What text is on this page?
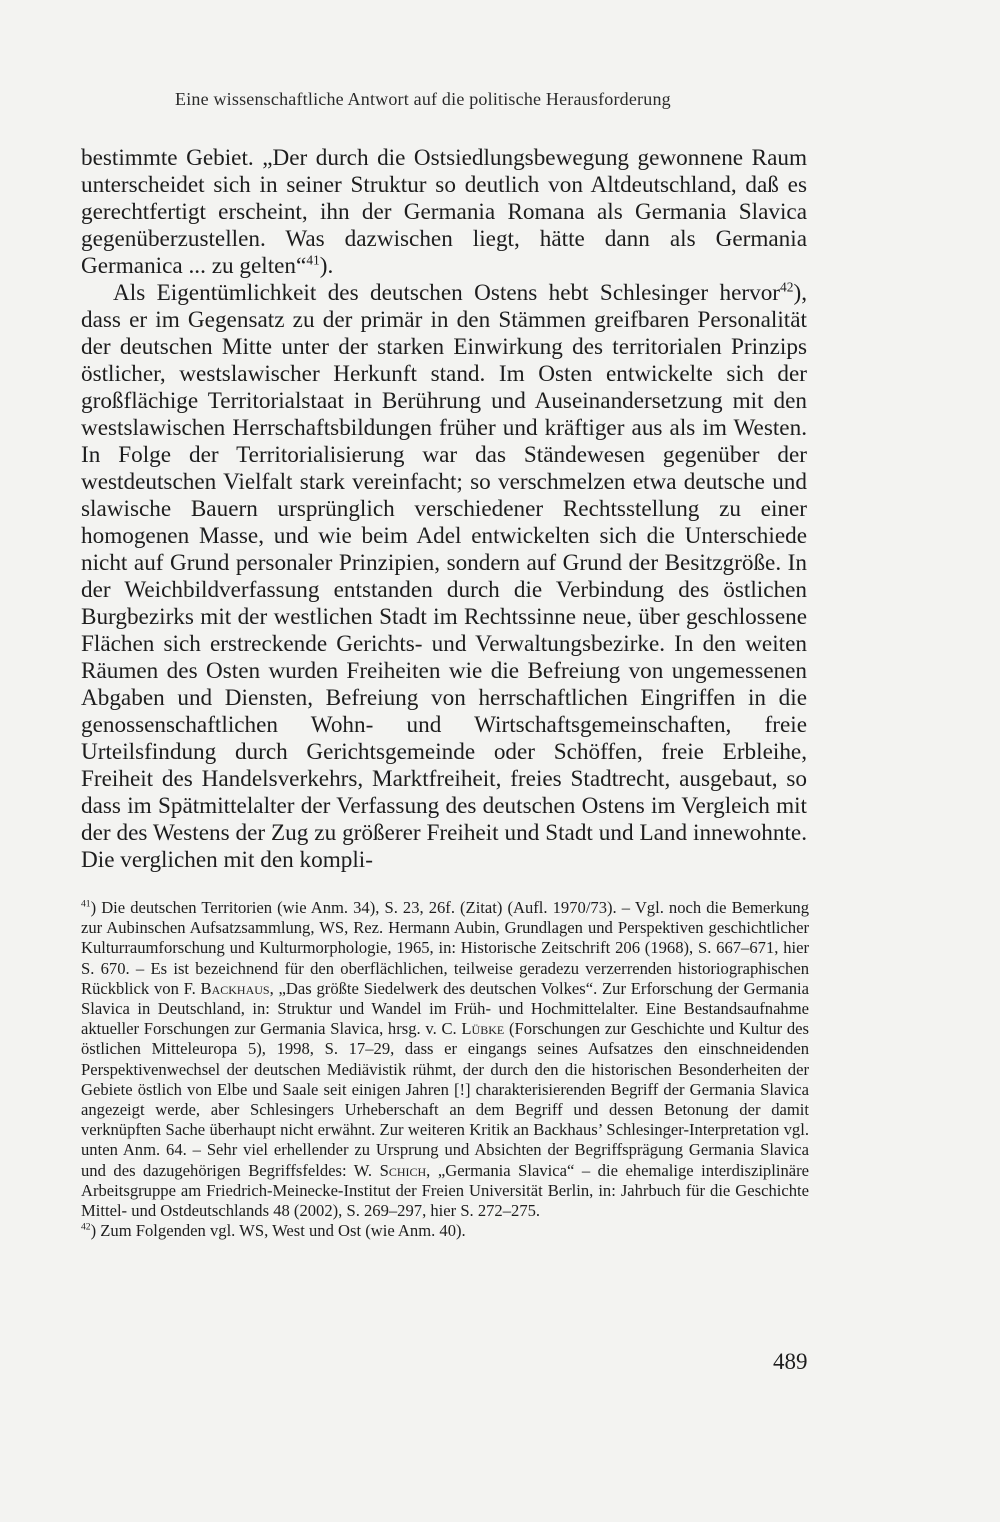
Eine wissenschaftliche Antwort auf die politische Herausforderung

bestimmte Gebiet. „Der durch die Ostsiedlungsbewegung gewonnene Raum unterscheidet sich in seiner Struktur so deutlich von Altdeutschland, daß es gerechtfertigt erscheint, ihn der Germania Romana als Germania Slavica gegenüberzustellen. Was dazwischen liegt, hätte dann als Germania Germanica ... zu gelten“$^{41}$).

Als Eigentümlichkeit des deutschen Ostens hebt Schlesinger hervor$^{42}$), dass er im Gegensatz zu der primär in den Stämmen greifbaren Personalität der deutschen Mitte unter der starken Einwirkung des territorialen Prinzips östlicher, westslawischer Herkunft stand. Im Osten entwickelte sich der großflächige Territorialstaat in Berührung und Auseinandersetzung mit den westslawischen Herrschaftsbildungen früher und kräftiger aus als im Westen. In Folge der Territorialisierung war das Ständewesen gegenüber der westdeutschen Vielfalt stark vereinfacht; so verschmelzen etwa deutsche und slawische Bauern ursprünglich verschiedener Rechtsstellung zu einer homogenen Masse, und wie beim Adel entwickelten sich die Unterschiede nicht auf Grund personaler Prinzipien, sondern auf Grund der Besitzgröße. In der Weichbildverfassung entstanden durch die Verbindung des östlichen Burgbezirks mit der westlichen Stadt im Rechtssinne neue, über geschlossene Flächen sich erstreckende Gerichts- und Verwaltungsbezirke. In den weiten Räumen des Osten wurden Freiheiten wie die Befreiung von ungemessenen Abgaben und Diensten, Befreiung von herrschaftlichen Eingriffen in die genossenschaftlichen Wohn- und Wirtschaftsgemeinschaften, freie Urteilsfindung durch Gerichtsgemeinde oder Schöffen, freie Erbleihe, Freiheit des Handelsverkehrs, Marktfreiheit, freies Stadtrecht, ausgebaut, so dass im Spätmittelalter der Verfassung des deutschen Ostens im Vergleich mit der des Westens der Zug zu größerer Freiheit und Stadt und Land innewohnte. Die verglichen mit den kompli-

$^{41}$) Die deutschen Territorien (wie Anm. 34), S. 23, 26f. (Zitat) (Aufl. 1970/73). – Vgl. noch die Bemerkung zur Aubinschen Aufsatzsammlung, WS, Rez. Hermann Aubin, Grundlagen und Perspektiven geschichtlicher Kulturraumforschung und Kulturmorphologie, 1965, in: Historische Zeitschrift 206 (1968), S. 667–671, hier S. 670. – Es ist bezeichnend für den oberflächlichen, teilweise geradezu verzerrenden historiographischen Rückblick von F. Backhaus, „Das größte Siedelwerk des deutschen Volkes“. Zur Erforschung der Germania Slavica in Deutschland, in: Struktur und Wandel im Früh- und Hochmittelalter. Eine Bestandsaufnahme aktueller Forschungen zur Germania Slavica, hrsg. v. C. Lübke (Forschungen zur Geschichte und Kultur des östlichen Mitteleuropa 5), 1998, S. 17–29, dass er eingangs seines Aufsatzes den einschneidenden Perspektivenwechsel der deutschen Mediävistik rühmt, der durch den die historischen Besonderheiten der Gebiete östlich von Elbe und Saale seit einigen Jahren [!] charakterisierenden Begriff der Germania Slavica angezeigt werde, aber Schlesingers Urheberschaft an dem Begriff und dessen Betonung der damit verknüpften Sache überhaupt nicht erwähnt. Zur weiteren Kritik an Backhaus’ Schlesinger-Interpretation vgl. unten Anm. 64. – Sehr viel erhellender zu Ursprung und Absichten der Begriffsprägung Germania Slavica und des dazugehörigen Begriffsfeldes: W. Schich, „Germania Slavica“ – die ehemalige interdisziplinäre Arbeitsgruppe am Friedrich-Meinecke-Institut der Freien Universität Berlin, in: Jahrbuch für die Geschichte Mittel- und Ostdeutschlands 48 (2002), S. 269–297, hier S. 272–275.

$^{42}$) Zum Folgenden vgl. WS, West und Ost (wie Anm. 40).

489
